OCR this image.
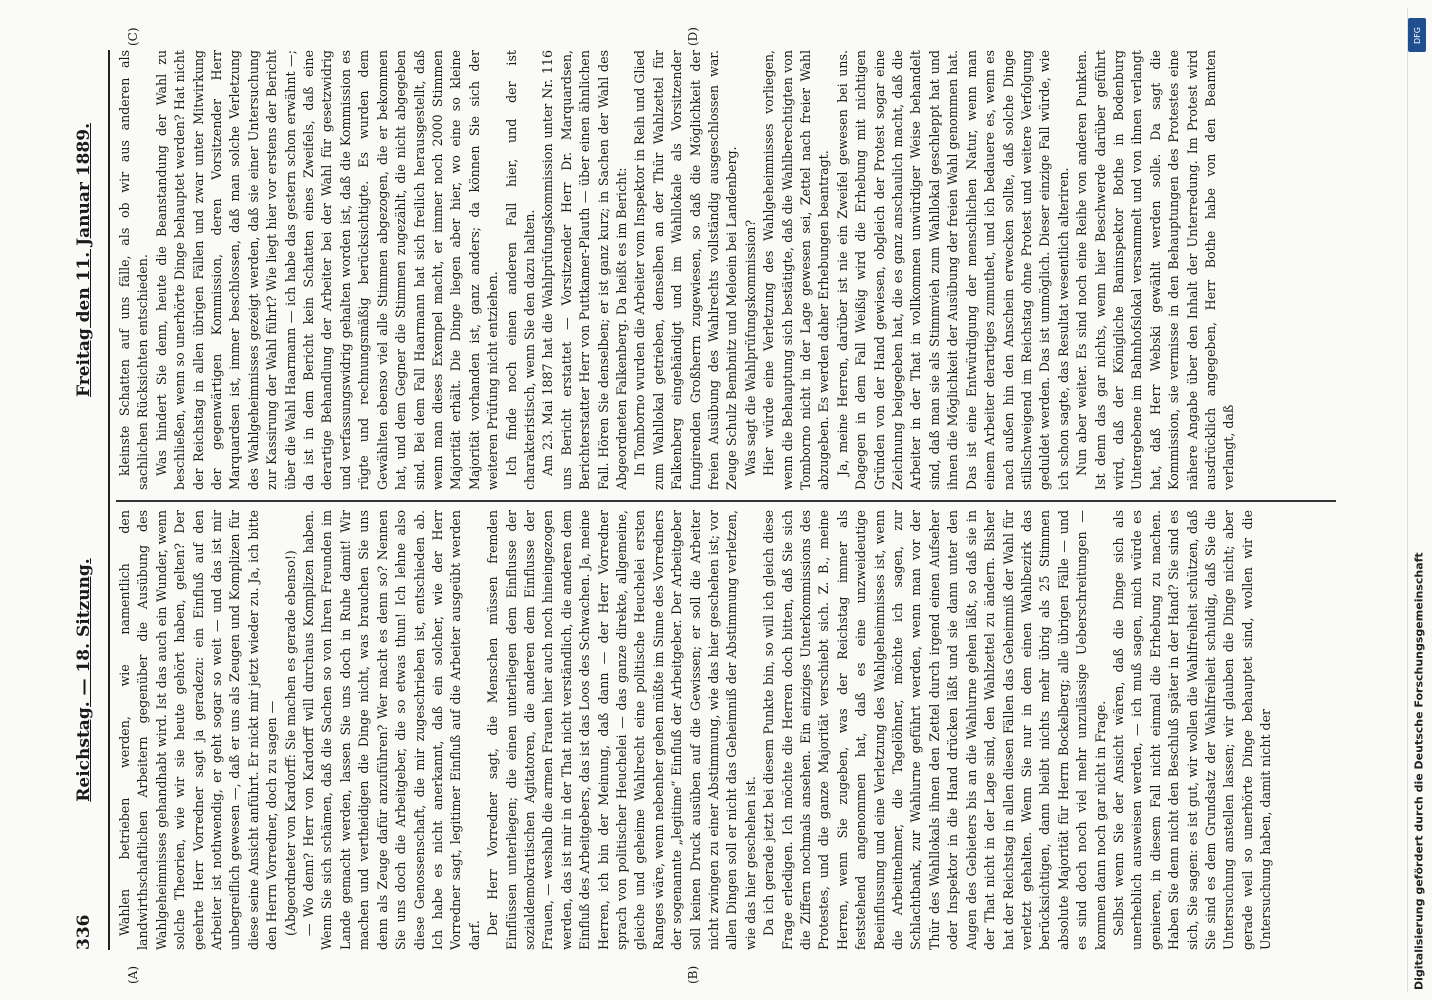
336
Reichstag. — 18. Sitzung.
Freitag den 11. Januar 1889.
(A)	(B)
(C)	(D)

Wahlen betrieben werden, wie namentlich den landwirthschaftlichen Arbeitern gegenüber die Ausübung des Wahlgeheimnisses gehandhabt wird. Ist das auch ein Wunder, wenn solche Theorien, wie wir sie heute gehört haben, gelten? Der geehrte Herr Vorredner sagt ja geradezu: ein Einfluß auf den Arbeiter ist nothwendig, er geht sogar so weit — und das ist mir unbegreiflich gewesen —, daß er uns als Zeugen und Komplizen für diese seine Ansicht anführt. Er nickt mir jetzt wieder zu. Ja, ich bitte den Herrn Vorredner, doch zu sagen — (Abgeordneter von Kardorff: Sie machen es gerade ebenso!) — Wo denn? Herr von Kardorff will durchaus Komplizen haben. Wenn Sie sich schämen, daß die Sachen so von Ihren Freunden im Lande gemacht werden, lassen Sie uns doch in Ruhe damit! Wir machen und vertheidigen die Dinge nicht, was brauchen Sie uns denn als Zeuge dafür anzuführen? Wer macht es denn so? Nennen Sie uns doch die Arbeitgeber, die so etwas thun! Ich lehne also diese Genossenschaft, die mir zugeschrieben ist, entschieden ab. Ich habe es nicht anerkannt, daß ein solcher, wie der Herr Vorredner sagt, legitimer Einfluß auf die Arbeiter ausgeübt werden darf. Der Herr Vorredner sagt, die Menschen müssen fremden Einflüssen unterliegen; die einen unterliegen dem Einflusse der sozialdemokratischen Agitatoren, die anderen dem Einflusse der Frauen, — weshalb die armen Frauen hier auch noch hineingezogen werden, das ist mir in der That nicht verständlich, die anderen dem Einfluß des Arbeitgebers, das ist das Loos des Schwachen. Ja, meine Herren, ich bin der Meinung, daß dann — der Herr Vorredner sprach von politischer Heuchelei — das ganze direkte, allgemeine, gleiche und geheime Wahlrecht eine politische Heuchelei ersten Ranges wäre, wenn nebenher gehen müßte im Sinne des Vorredners der sogenannte „legitime“ Einfluß der Arbeitgeber. Der Arbeitgeber soll keinen Druck ausüben auf die Gewissen; er soll die Arbeiter nicht zwingen zu einer Abstimmung, wie das hier geschehen ist; vor allen Dingen soll er nicht das Geheimniß der Abstimmung verletzen, wie das hier geschehen ist. Da ich gerade jetzt bei diesem Punkte bin, so will ich gleich diese Frage erledigen. Ich möchte die Herren doch bitten, daß Sie sich die Ziffern nochmals ansehen. Ein einziges Unterkommissions des Protestes, und die ganze Majorität verschiebt sich. Z. B., meine Herren, wenn Sie zugeben, was der Reichstag immer als feststehend angenommen hat, daß es eine unzweideutige Beeinflussung und eine Verletzung des Wahlgeheimnisses ist, wenn die Arbeitnehmer, die Tagelöhner, möchte ich sagen, zur Schlachtbank, zur Wahlurne geführt werden, wenn man vor der Thür des Wahllokals ihnen den Zettel durch irgend einen Aufseher oder Inspektor in die Hand drücken läßt und sie dann unter den Augen des Gebieters bis an die Wahlurne gehen läßt, so daß sie in der That nicht in der Lage sind, den Wahlzettel zu ändern. Bisher hat der Reichstag in allen diesen Fällen das Geheimniß der Wahl für verletzt gehalten. Wenn Sie nur in dem einen Wahlbezirk das berücksichtigen, dann bleibt nichts mehr übrig als 25 Stimmen absolute Majorität für Herrn Bockelberg; alle übrigen Fälle — und es sind doch noch viel mehr unzulässige Ueberschreitungen — kommen dann noch gar nicht in Frage. Selbst wenn Sie der Ansicht wären, daß die Dinge sich als unerheblich ausweisen werden, — ich muß sagen, mich würde es genieren, in diesem Fall nicht einmal die Erhebung zu machen. Haben Sie denn nicht den Beschluß später in der Hand? Sie sind es sich, Sie sagen: es ist gut, wir wollen die Wahlfreiheit schützen, daß Sie sind es dem Grundsatz der Wahlfreiheit schuldig, daß Sie die Untersuchung anstellen lassen; wir glauben die Dinge nicht; aber gerade weil so unerhörte Dinge behauptet sind, wollen wir die Untersuchung haben, damit nicht der

kleinste Schatten auf uns fälle, als ob wir aus anderen als sachlichen Rücksichten entschieden. Was hindert Sie denn, heute die Beanstandung der Wahl zu beschließen, wenn so unerhörte Dinge behauptet werden? Hat nicht der Reichstag in allen übrigen Fällen und zwar unter Mitwirkung der gegenwärtigen Kommission, deren Vorsitzender Herr Marquardsen ist, immer beschlossen, daß man solche Verletzung des Wahlgeheimnisses gezeigt werden, daß sie einer Untersuchung zur Kassirung der Wahl führt? Wie liegt hier vor erstens der Bericht über die Wahl Haarmann — ich habe das gestern schon erwähnt —; da ist in dem Bericht kein Schatten eines Zweifels, daß eine derartige Behandlung der Arbeiter bei der Wahl für gesetzwidrig und verfassungswidrig gehalten worden ist, daß die Kommission es rügte und rechnungsmäßig berücksichtigte. Es wurden dem Gewählten ebenso viel alle Stimmen abgezogen, die er bekommen hat, und dem Gegner die Stimmen zugezählt, die nicht abgegeben sind. Bei dem Fall Haarmann hat sich freilich herausgestellt, daß wenn man dieses Exempel macht, er immer noch 2000 Stimmen Majorität erhält. Die Dinge liegen aber hier, wo eine so kleine Majorität vorhanden ist, ganz anders; da können Sie sich der weiteren Prüfung nicht entziehen. Ich finde noch einen anderen Fall hier, und der ist charakteristisch, wenn Sie den dazu halten. Am 23. Mai 1887 hat die Wahlprüfungskommission unter Nr. 116 uns Bericht erstattet — Vorsitzender Herr Dr. Marquardsen, Berichterstatter Herr von Puttkamer-Plauth — über einen ähnlichen Fall. Hören Sie denselben; er ist ganz kurz; in Sachen der Wahl des Abgeordneten Falkenberg. Da heißt es im Bericht: In Tomborno wurden die Arbeiter vom Inspektor in Reih und Glied zum Wahllokal getrieben, denselben an der Thür Wahlzettel für Falkenberg eingehändigt und im Wahllokale als Vorsitzender fungirenden Großherrn zugewiesen, so daß die Möglichkeit der freien Ausübung des Wahlrechts vollständig ausgeschlossen war. Zeuge Schulz Bembnitz und Meloein bei Landenberg. Was sagt die Wahlprüfungskommission? Hier würde eine Verletzung des Wahlgeheimnisses vorliegen, wenn die Behauptung sich bestätigte, daß die Wahlberechtigten von Tomborno nicht in der Lage gewesen sei, Zettel nach freier Wahl abzugeben. Es werden daher Erhebungen beantragt. Ja, meine Herren, darüber ist nie ein Zweifel gewesen bei uns. Dagegen in dem Fall Weißig wird die Erhebung mit nichtigen Gründen von der Hand gewiesen, obgleich der Protest sogar eine Zeichnung beigegeben hat, die es ganz anschaulich macht, daß die Arbeiter in der That in vollkommen unwürdiger Weise behandelt sind, daß man sie als Stimmvieh zum Wahllokal geschleppt hat und ihnen die Möglichkeit der Ausübung der freien Wahl genommen hat. Das ist eine Entwürdigung der menschlichen Natur, wenn man einem Arbeiter derartiges zumuthet, und ich bedauere es, wenn es nach außen hin den Anschein erwecken sollte, daß solche Dinge stillschweigend im Reichstag ohne Protest und weitere Verfolgung geduldet werden. Das ist unmöglich. Dieser einzige Fall würde, wie ich schon sagte, das Resultat wesentlich alteriren. Nun aber weiter. Es sind noch eine Reihe von anderen Punkten. Ist denn das gar nichts, wenn hier Beschwerde darüber geführt wird, daß der Königliche Baninspektor Bothe in Bodenburg Untergebene im Bahnhofslokal versammelt und von ihnen verlangt hat, daß Herr Webski gewählt werden solle. Da sagt die Kommission, sie vermisse in den Behauptungen des Protestes eine nähere Angabe über den Inhalt der Unterredung. Im Protest wird ausdrücklich angegeben, Herr Bothe habe von den Beamten verlangt, daß

Digitalisierung gefördert durch die Deutsche Forschungsgemeinschaft
DFG
